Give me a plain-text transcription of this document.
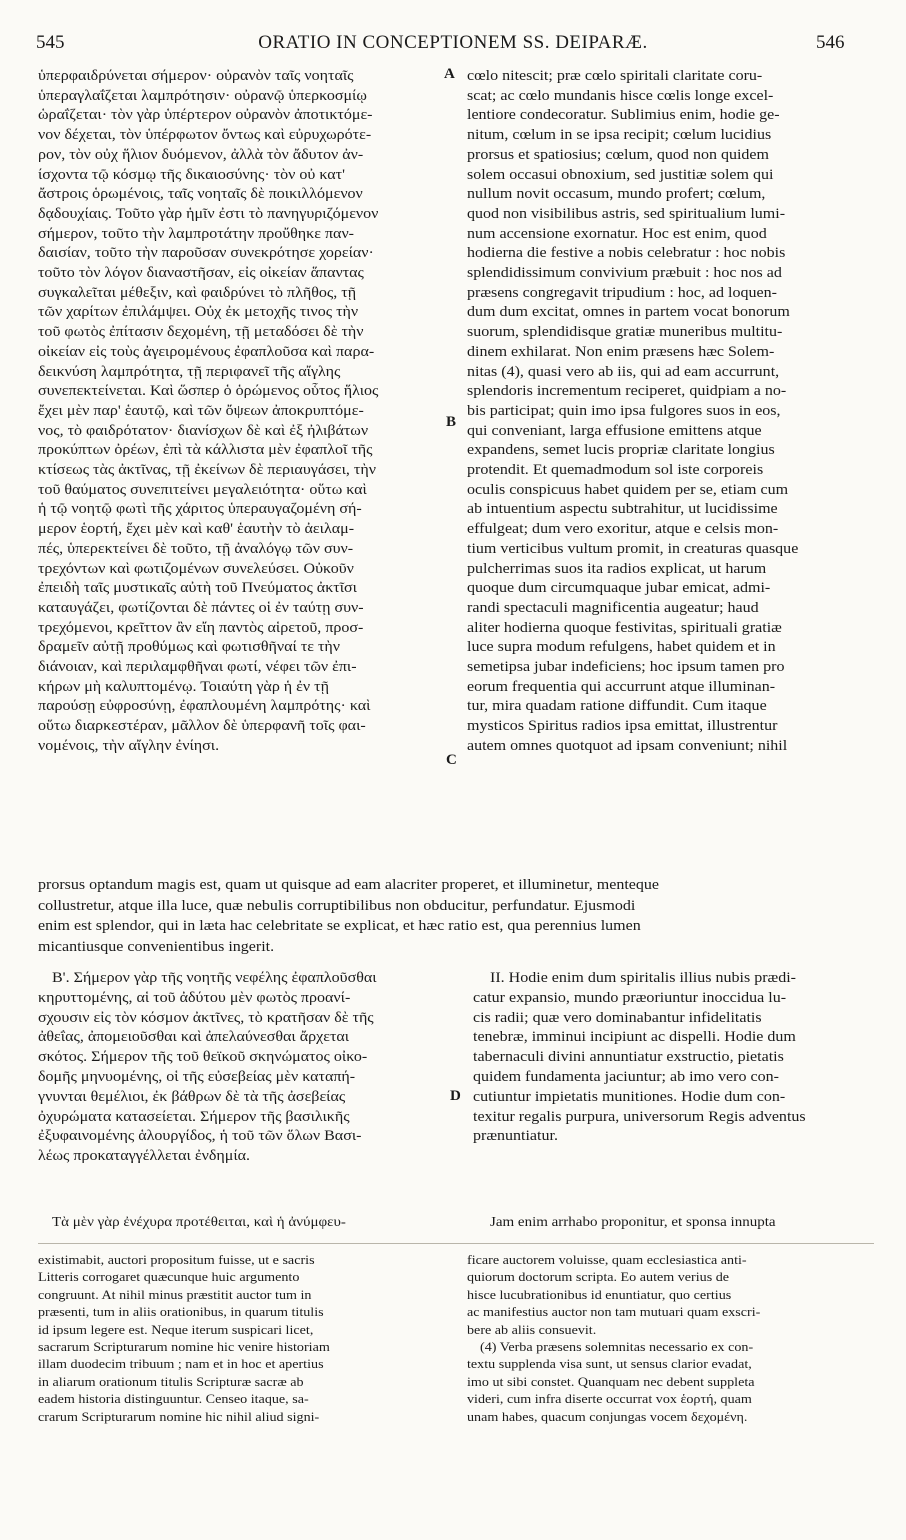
545	ORATIO IN CONCEPTIONEM SS. DEIPARÆ.	546
ὑπερφαιδρύνεται σήμερον· οὐρανὸν ταῖς νοηταῖς
ὑπεραγλαΐζεται λαμπρότησιν· οὐρανῷ ὑπερκοσμίῳ
ὡραΐζεται· τὸν γὰρ ὑπέρτερον οὐρανὸν ἀποτικτόμε-
νον δέχεται, τὸν ὑπέρφωτον ὄντως καὶ εὐρυχωρότε-
ρον, τὸν οὐχ ἥλιον δυόμενον, ἀλλὰ τὸν ἄδυτον ἀν-
ίσχοντα τῷ κόσμῳ τῆς δικαιοσύνης· τὸν οὐ κατ'
ἄστροις ὁρωμένοις, ταῖς νοηταῖς δὲ ποικιλλόμενον
δᾳδουχίαις. Τοῦτο γὰρ ἡμῖν ἐστι τὸ πανηγυριζόμενον
σήμερον, τοῦτο τὴν λαμπροτάτην προὔθηκε παν-
δαισίαν, τοῦτο τὴν παροῦσαν συνεκρότησε χορείαν·
τοῦτο τὸν λόγον διαναστῆσαν, εἰς οἰκείαν ἅπαντας
συγκαλεῖται μέθεξιν, καὶ φαιδρύνει τὸ πλῆθος, τῇ
τῶν χαρίτων ἐπιλάμψει. Οὐχ ἐκ μετοχῆς τινος τὴν
τοῦ φωτὸς ἐπίτασιν δεχομένη, τῇ μεταδόσει δὲ τὴν
οἰκείαν εἰς τοὺς ἀγειρομένους ἐφαπλοῦσα καὶ παρα-
δεικνύση λαμπρότητα, τῇ περιφανεῖ τῆς αἴγλης
συνεπεκτείνεται. Καὶ ὥσπερ ὁ ὁρώμενος οὗτος ἥλιος
ἔχει μὲν παρ' ἑαυτῷ, καὶ τῶν ὄψεων ἀποκρυπτόμε-
νος, τὸ φαιδρότατον· διανίσχων δὲ καὶ ἐξ ἠλιβάτων
προκύπτων ὀρέων, ἐπὶ τὰ κάλλιστα μὲν ἐφαπλοῖ τῆς
κτίσεως τὰς ἀκτῖνας, τῇ ἐκείνων δὲ περιαυγάσει, τὴν
τοῦ θαύματος συνεπιτείνει μεγαλειότητα· οὕτω καὶ
ἡ τῷ νοητῷ φωτὶ τῆς χάριτος ὑπεραυγαζομένη σή-
μερον ἑορτή, ἔχει μὲν καὶ καθ' ἑαυτὴν τὸ ἀειλαμ-
πές, ὑπερεκτείνει δὲ τοῦτο, τῇ ἀναλόγῳ τῶν συν-
τρεχόντων καὶ φωτιζομένων συνελεύσει. Οὐκοῦν
ἐπειδὴ ταῖς μυστικαῖς αὐτὴ τοῦ Πνεύματος ἀκτῖσι
καταυγάζει, φωτίζονται δὲ πάντες οἱ ἐν ταύτῃ συν-
τρεχόμενοι, κρεῖττον ἂν εἴη παντὸς αἱρετοῦ, προσ-
δραμεῖν αὐτῇ προθύμως καὶ φωτισθῆναί τε τὴν
διάνοιαν, καὶ περιλαμφθῆναι φωτί, νέφει τῶν ἐπι-
κήρων μὴ καλυπτομένῳ. Τοιαύτη γὰρ ἡ ἐν τῇ
παρούσῃ εὐφροσύνῃ, ἐφαπλουμένη λαμπρότης· καὶ
οὕτω διαρκεστέραν, μᾶλλον δὲ ὑπερφανῆ τοῖς φαι-
νομένοις, τὴν αἴγλην ἐνίησι.
cœlo nitescit; præ cœlo spiritali claritate coru-
scat; ac cœlo mundanis hisce cœlis longe excel-
lentiore condecoratur. Sublimius enim, hodie ge-
nitum, cœlum in se ipsa recipit; cœlum lucidius
prorsus et spatiosius; cœlum, quod non quidem
solem occasui obnoxium, sed justitiæ solem qui
nullum novit occasum, mundo profert; cœlum,
quod non visibilibus astris, sed spiritualium lumi-
num accensione exornatur. Hoc est enim, quod
hodierna die festive a nobis celebratur : hoc nobis
splendidissimum convivium præbuit : hoc nos ad
præsens congregavit tripudium : hoc, ad loquen-
dum dum excitat, omnes in partem vocat bonorum
suorum, splendidisque gratiæ muneribus multitu-
dinem exhilarat. Non enim præsens hæc Solem-
nitas (4), quasi vero ab iis, qui ad eam accurrunt,
splendoris incrementum reciperet, quidpiam a no-
bis participat; quin imo ipsa fulgores suos in eos,
qui conveniant, larga effusione emittens atque
expandens, semet lucis propriæ claritate longius
protendit. Et quemadmodum sol iste corporeis
oculis conspicuus habet quidem per se, etiam cum
ab intuentium aspectu subtrahitur, ut lucidissime
effulgeat; dum vero exoritur, atque e celsis mon-
tium verticibus vultum promit, in creaturas quasque
pulcherrimas suos ita radios explicat, ut harum
quoque dum circumquaque jubar emicat, admi-
randi spectaculi magnificentia augeatur; haud
aliter hodierna quoque festivitas, spirituali gratiæ
luce supra modum refulgens, habet quidem et in
semetipsa jubar indeficiens; hoc ipsum tamen pro
eorum frequentia qui accurrunt atque illuminan-
tur, mira quadam ratione diffundit. Cum itaque
mysticos Spiritus radios ipsa emittat, illustrentur
autem omnes quotquot ad ipsam conveniunt; nihil
prorsus optandum magis est, quam ut quisque ad eam alacriter properet, et illuminetur, menteque
collustretur, atque illa luce, quæ nebulis corruptibilibus non obducitur, perfundatur. Ejusmodi
enim est splendor, qui in læta hac celebritate se explicat, et hæc ratio est, qua perennius lumen
micantiusque convenientibus ingerit.
Β'. Σήμερον γὰρ τῆς νοητῆς νεφέλης ἐφαπλοῦσθαι
κηρυττομένης, αἱ τοῦ ἀδύτου μὲν φωτὸς προανί-
σχουσιν εἰς τὸν κόσμον ἀκτῖνες, τὸ κρατῆσαν δὲ τῆς
ἀθεΐας, ἀπομειοῦσθαι καὶ ἀπελαύνεσθαι ἄρχεται
σκότος. Σήμερον τῆς τοῦ θεϊκοῦ σκηνώματος οἰκο-
δομῆς μηνυομένης, οἱ τῆς εὐσεβείας μὲν καταπή-
γνυνται θεμέλιοι, ἐκ βάθρων δὲ τὰ τῆς ἀσεβείας
ὀχυρώματα κατασείεται. Σήμερον τῆς βασιλικῆς
ἐξυφαινομένης ἁλουργίδος, ἡ τοῦ τῶν ὅλων Βασι-
λέως προκαταγγέλλεται ἐνδημία.
II. Hodie enim dum spiritalis illius nubis prædi-
catur expansio, mundo præoriuntur inoccidua lu-
cis radii; quæ vero dominabantur infidelitatis
tenebræ, imminui incipiunt ac dispelli. Hodie dum
tabernaculi divini annuntiatur exstructio, pietatis
quidem fundamenta jaciuntur; ab imo vero con-
cutiuntur impietatis munitiones. Hodie dum con-
texitur regalis purpura, universorum Regis adventus
prænuntiatur.
Τὰ μὲν γὰρ ἐνέχυρα προτέθειται, καὶ ἡ ἀνύμφευ-	Jam enim arrhabo proponitur, et sponsa innupta
A
B
C
D
existimabit, auctori propositum fuisse, ut e sacris
Litteris corrogaret quæcunque huic argumento
congruunt. At nihil minus præstitit auctor tum in
præsenti, tum in aliis orationibus, in quarum titulis
id ipsum legere est. Neque iterum suspicari licet,
sacrarum Scripturarum nomine hic venire historiam
illam duodecim tribuum ; nam et in hoc et apertius
in aliarum orationum titulis Scripturæ sacræ ab
eadem historia distinguuntur. Censeo itaque, sa-
crarum Scripturarum nomine hic nihil aliud signi-
ficare auctorem voluisse, quam ecclesiastica anti-
quiorum doctorum scripta. Eo autem verius de
hisce lucubrationibus id enuntiatur, quo certius
ac manifestius auctor non tam mutuari quam exscri-
bere ab aliis consuevit.
(4) Verba præsens solemnitas necessario ex con-
textu supplenda visa sunt, ut sensus clarior evadat,
imo ut sibi constet. Quanquam nec debent suppleta
videri, cum infra diserte occurrat vox ἑορτή, quam
unam habes, quacum conjungas vocem δεχομένη.
